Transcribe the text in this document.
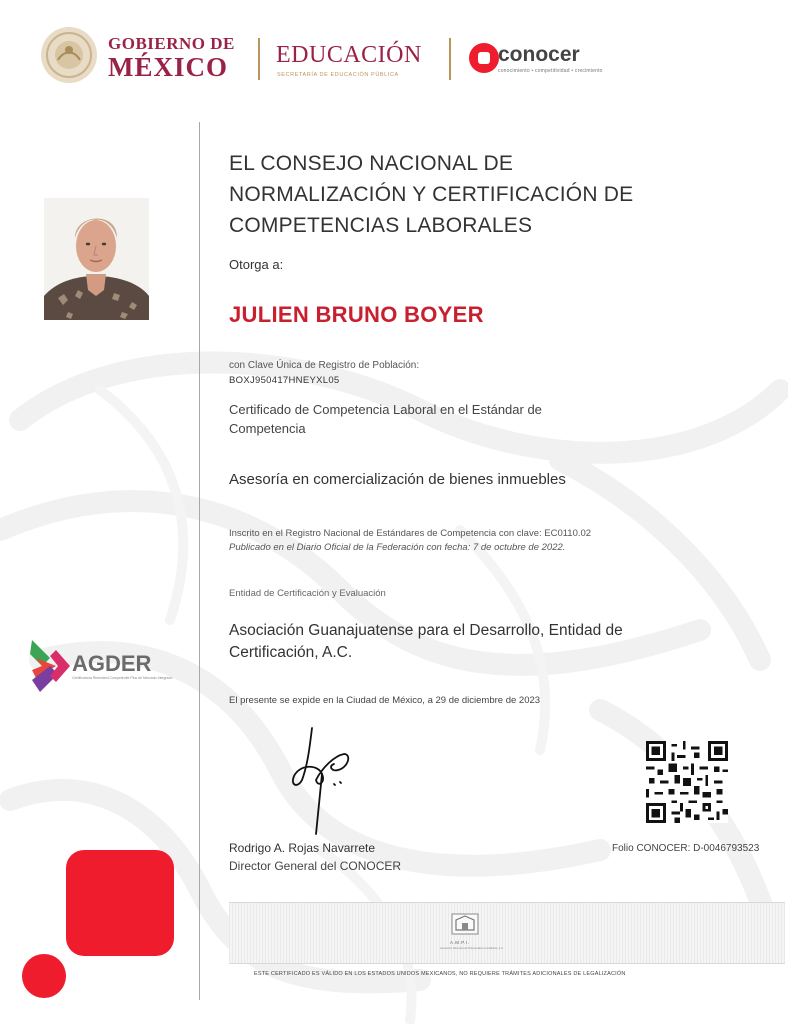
GOBIERNO DE
MÉXICO EDUCACIÓN
SECRETARÍA DE EDUCACIÓN PÚBLICA
conocer
conocimiento • competitividad • crecimiento
AGDER
Certificadora Rheinland Competentie Plus de Mercado Integrado
EL CONSEJO NACIONAL DE NORMALIZACIÓN Y CERTIFICACIÓN DE COMPETENCIAS LABORALES
Otorga a:
JULIEN BRUNO BOYER
con Clave Única de Registro de Población:
BOXJ950417HNEYXL05
Certificado de Competencia Laboral en el Estándar de Competencia
Asesoría en comercialización de bienes inmuebles
Inscrito en el Registro Nacional de Estándares de Competencia con clave: EC0110.02
Publicado en el Diario Oficial de la Federación con fecha: 7 de octubre de 2022.
Entidad de Certificación y Evaluación
Asociación Guanajuatense para el Desarrollo, Entidad de Certificación, A.C.
El presente se expide en la Ciudad de México, a 29 de diciembre de 2023
Rodrigo A. Rojas Navarrete
Director General del CONOCER
Folio CONOCER: D-0046793523
A.M.P.I.
Asociación Mexicana de Profesionales Inmobiliarios, A.C.
ESTE CERTIFICADO ES VÁLIDO EN LOS ESTADOS UNIDOS MEXICANOS, NO REQUIERE TRÁMITES ADICIONALES DE LEGALIZACIÓN
